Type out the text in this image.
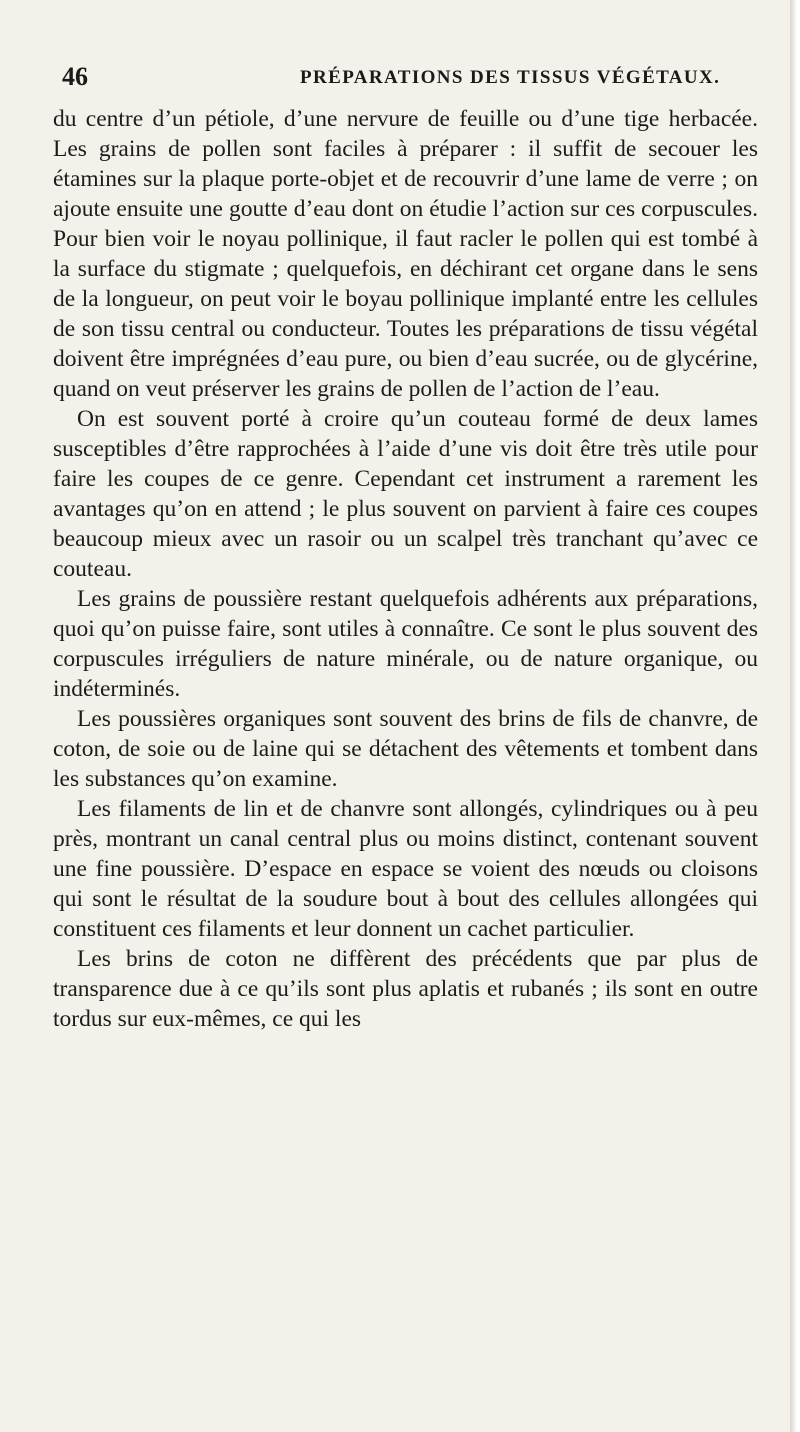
46	PRÉPARATIONS DES TISSUS VÉGÉTAUX.

du centre d’un pétiole, d’une nervure de feuille ou d’une tige herbacée. Les grains de pollen sont faciles à préparer : il suffit de secouer les étamines sur la plaque porte-objet et de recouvrir d’une lame de verre ; on ajoute ensuite une goutte d’eau dont on étudie l’action sur ces corpuscules. Pour bien voir le noyau pollinique, il faut racler le pollen qui est tombé à la surface du stigmate ; quelquefois, en déchirant cet organe dans le sens de la longueur, on peut voir le boyau pollinique implanté entre les cellules de son tissu central ou conducteur. Toutes les préparations de tissu végétal doivent être imprégnées d’eau pure, ou bien d’eau sucrée, ou de glycérine, quand on veut préserver les grains de pollen de l’action de l’eau.

On est souvent porté à croire qu’un couteau formé de deux lames susceptibles d’être rapprochées à l’aide d’une vis doit être très utile pour faire les coupes de ce genre. Cependant cet instrument a rarement les avantages qu’on en attend ; le plus souvent on parvient à faire ces coupes beaucoup mieux avec un rasoir ou un scalpel très tranchant qu’avec ce couteau.

Les grains de poussière restant quelquefois adhérents aux préparations, quoi qu’on puisse faire, sont utiles à connaître. Ce sont le plus souvent des corpuscules irréguliers de nature minérale, ou de nature organique, ou indéterminés.

Les poussières organiques sont souvent des brins de fils de chanvre, de coton, de soie ou de laine qui se détachent des vêtements et tombent dans les substances qu’on examine.

Les filaments de lin et de chanvre sont allongés, cylindriques ou à peu près, montrant un canal central plus ou moins distinct, contenant souvent une fine poussière. D’espace en espace se voient des nœuds ou cloisons qui sont le résultat de la soudure bout à bout des cellules allongées qui constituent ces filaments et leur donnent un cachet particulier.

Les brins de coton ne diffèrent des précédents que par plus de transparence due à ce qu’ils sont plus aplatis et rubanés ; ils sont en outre tordus sur eux-mêmes, ce qui les
